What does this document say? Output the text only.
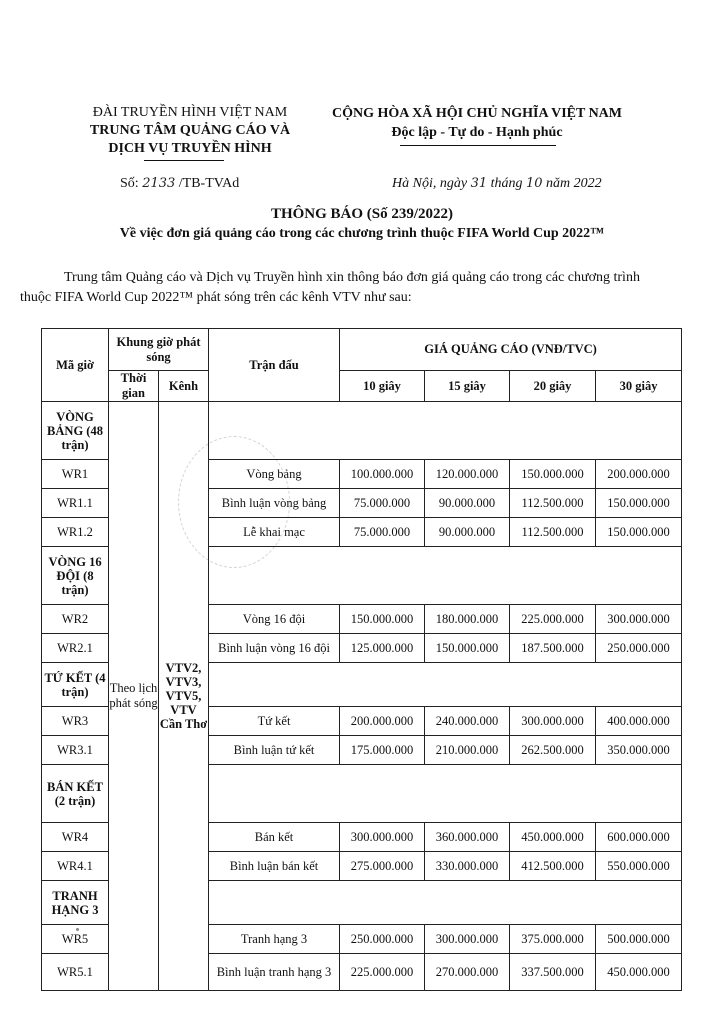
ĐÀI TRUYỀN HÌNH VIỆT NAM
TRUNG TÂM QUẢNG CÁO VÀ
DỊCH VỤ TRUYỀN HÌNH
CỘNG HÒA XÃ HỘI CHỦ NGHĨA VIỆT NAM
Độc lập - Tự do - Hạnh phúc
Số: 2133 /TB-TVAd	Hà Nội, ngày 31 tháng 10 năm 2022
THÔNG BÁO (Số 239/2022)
Về việc đơn giá quảng cáo trong các chương trình thuộc FIFA World Cup 2022™
Trung tâm Quảng cáo và Dịch vụ Truyền hình xin thông báo đơn giá quảng cáo trong các chương trình thuộc FIFA World Cup 2022™ phát sóng trên các kênh VTV như sau:
Mã giờ	Khung giờ phát sóng		Trận đấu	GIÁ QUẢNG CÁO (VNĐ/TVC)			
	Thời gian	Kênh		10 giây	15 giây	20 giây	30 giây
VÒNG BẢNG (48 trận)	Theo lịch phát sóng	VTV2, VTV3, VTV5, VTV Cần Thơ					
WR1			Vòng bảng	100.000.000	120.000.000	150.000.000	200.000.000
WR1.1			Bình luận vòng bảng	75.000.000	90.000.000	112.500.000	150.000.000
WR1.2			Lễ khai mạc	75.000.000	90.000.000	112.500.000	150.000.000
VÒNG 16 ĐỘI (8 trận)							
WR2			Vòng 16 đội	150.000.000	180.000.000	225.000.000	300.000.000
WR2.1			Bình luận vòng 16 đội	125.000.000	150.000.000	187.500.000	250.000.000
TỨ KẾT (4 trận)							
WR3			Tứ kết	200.000.000	240.000.000	300.000.000	400.000.000
WR3.1			Bình luận tứ kết	175.000.000	210.000.000	262.500.000	350.000.000
BÁN KẾT (2 trận)							
WR4			Bán kết	300.000.000	360.000.000	450.000.000	600.000.000
WR4.1			Bình luận bán kết	275.000.000	330.000.000	412.500.000	550.000.000
TRANH HẠNG 3							
WR5			Tranh hạng 3	250.000.000	300.000.000	375.000.000	500.000.000
WR5.1			Bình luận tranh hạng 3	225.000.000	270.000.000	337.500.000	450.000.000
